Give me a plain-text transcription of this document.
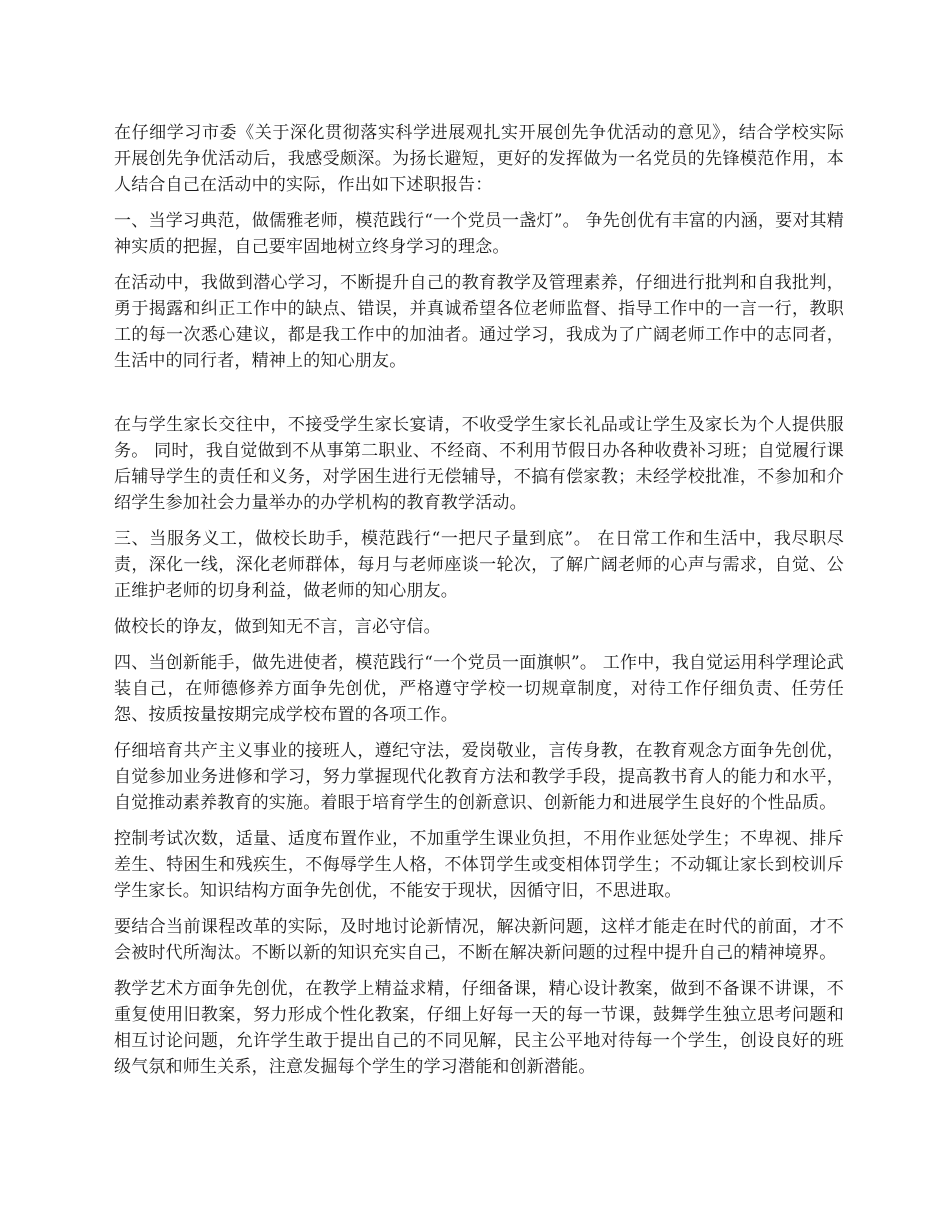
在仔细学习市委《关于深化贯彻落实科学进展观扎实开展创先争优活动的意见》，结合学校实际开展创先争优活动后，我感受颇深。为扬长避短，更好的发挥做为一名党员的先锋模范作用，本人结合自己在活动中的实际，作出如下述职报告：

一、当学习典范，做儒雅老师，模范践行“一个党员一盏灯”。 争先创优有丰富的内涵，要对其精神实质的把握，自己要牢固地树立终身学习的理念。

在活动中，我做到潜心学习，不断提升自己的教育教学及管理素养，仔细进行批判和自我批判，勇于揭露和纠正工作中的缺点、错误，并真诚希望各位老师监督、指导工作中的一言一行，教职工的每一次悉心建议，都是我工作中的加油者。通过学习，我成为了广阔老师工作中的志同者，生活中的同行者，精神上的知心朋友。

在与学生家长交往中，不接受学生家长宴请，不收受学生家长礼品或让学生及家长为个人提供服务。 同时，我自觉做到不从事第二职业、不经商、不利用节假日办各种收费补习班；自觉履行课后辅导学生的责任和义务，对学困生进行无偿辅导，不搞有偿家教；未经学校批准，不参加和介绍学生参加社会力量举办的办学机构的教育教学活动。

三、当服务义工，做校长助手，模范践行“一把尺子量到底”。 在日常工作和生活中，我尽职尽责，深化一线，深化老师群体，每月与老师座谈一轮次，了解广阔老师的心声与需求，自觉、公正维护老师的切身利益，做老师的知心朋友。

做校长的诤友，做到知无不言，言必守信。

四、当创新能手，做先进使者，模范践行“一个党员一面旗帜”。 工作中，我自觉运用科学理论武装自己，在师德修养方面争先创优，严格遵守学校一切规章制度，对待工作仔细负责、任劳任怨、按质按量按期完成学校布置的各项工作。

仔细培育共产主义事业的接班人，遵纪守法，爱岗敬业，言传身教，在教育观念方面争先创优，自觉参加业务进修和学习，努力掌握现代化教育方法和教学手段，提高教书育人的能力和水平，自觉推动素养教育的实施。着眼于培育学生的创新意识、创新能力和进展学生良好的个性品质。

控制考试次数，适量、适度布置作业，不加重学生课业负担，不用作业惩处学生；不卑视、排斥差生、特困生和残疾生，不侮辱学生人格，不体罚学生或变相体罚学生；不动辄让家长到校训斥学生家长。知识结构方面争先创优，不能安于现状，因循守旧，不思进取。

要结合当前课程改革的实际，及时地讨论新情况，解决新问题，这样才能走在时代的前面，才不会被时代所淘汰。不断以新的知识充实自己，不断在解决新问题的过程中提升自己的精神境界。

教学艺术方面争先创优，在教学上精益求精，仔细备课，精心设计教案，做到不备课不讲课，不重复使用旧教案，努力形成个性化教案，仔细上好每一天的每一节课，鼓舞学生独立思考问题和相互讨论问题，允许学生敢于提出自己的不同见解，民主公平地对待每一个学生，创设良好的班级气氛和师生关系，注意发掘每个学生的学习潜能和创新潜能。
